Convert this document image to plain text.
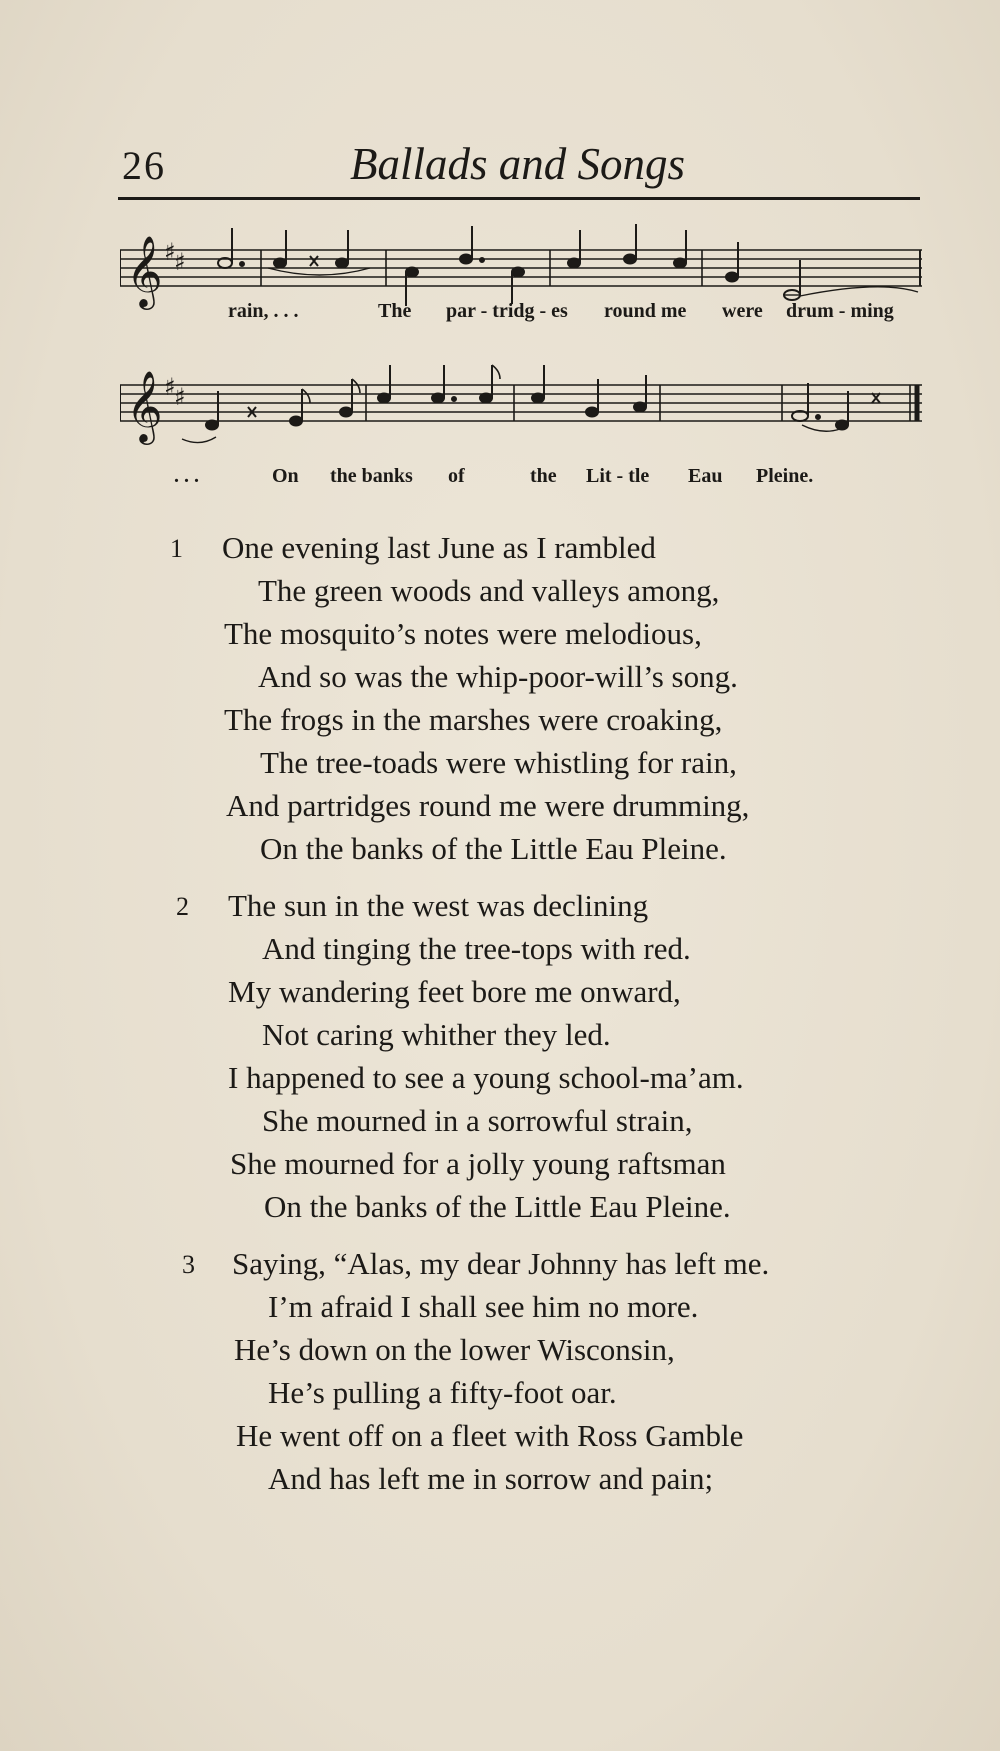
26	Ballads and Songs
𝄞 ♯
♯
rain, . . .	The par - tridg - es round me were drum - ming
𝄞 ♯
♯
. . .	On the banks of	the Lit - tle Eau Pleine.
1 One evening last June as I rambled
The green woods and valleys among,
The mosquito’s notes were melodious,
And so was the whip-poor-will’s song.
The frogs in the marshes were croaking,
The tree-toads were whistling for rain,
And partridges round me were drumming,
On the banks of the Little Eau Pleine.
2 The sun in the west was declining
And tinging the tree-tops with red.
My wandering feet bore me onward,
Not caring whither they led.
I happened to see a young school-ma’am.
She mourned in a sorrowful strain,
She mourned for a jolly young raftsman
On the banks of the Little Eau Pleine.
3 Saying, “Alas, my dear Johnny has left me.
I’m afraid I shall see him no more.
He’s down on the lower Wisconsin,
He’s pulling a fifty-foot oar.
He went off on a fleet with Ross Gamble
And has left me in sorrow and pain;
